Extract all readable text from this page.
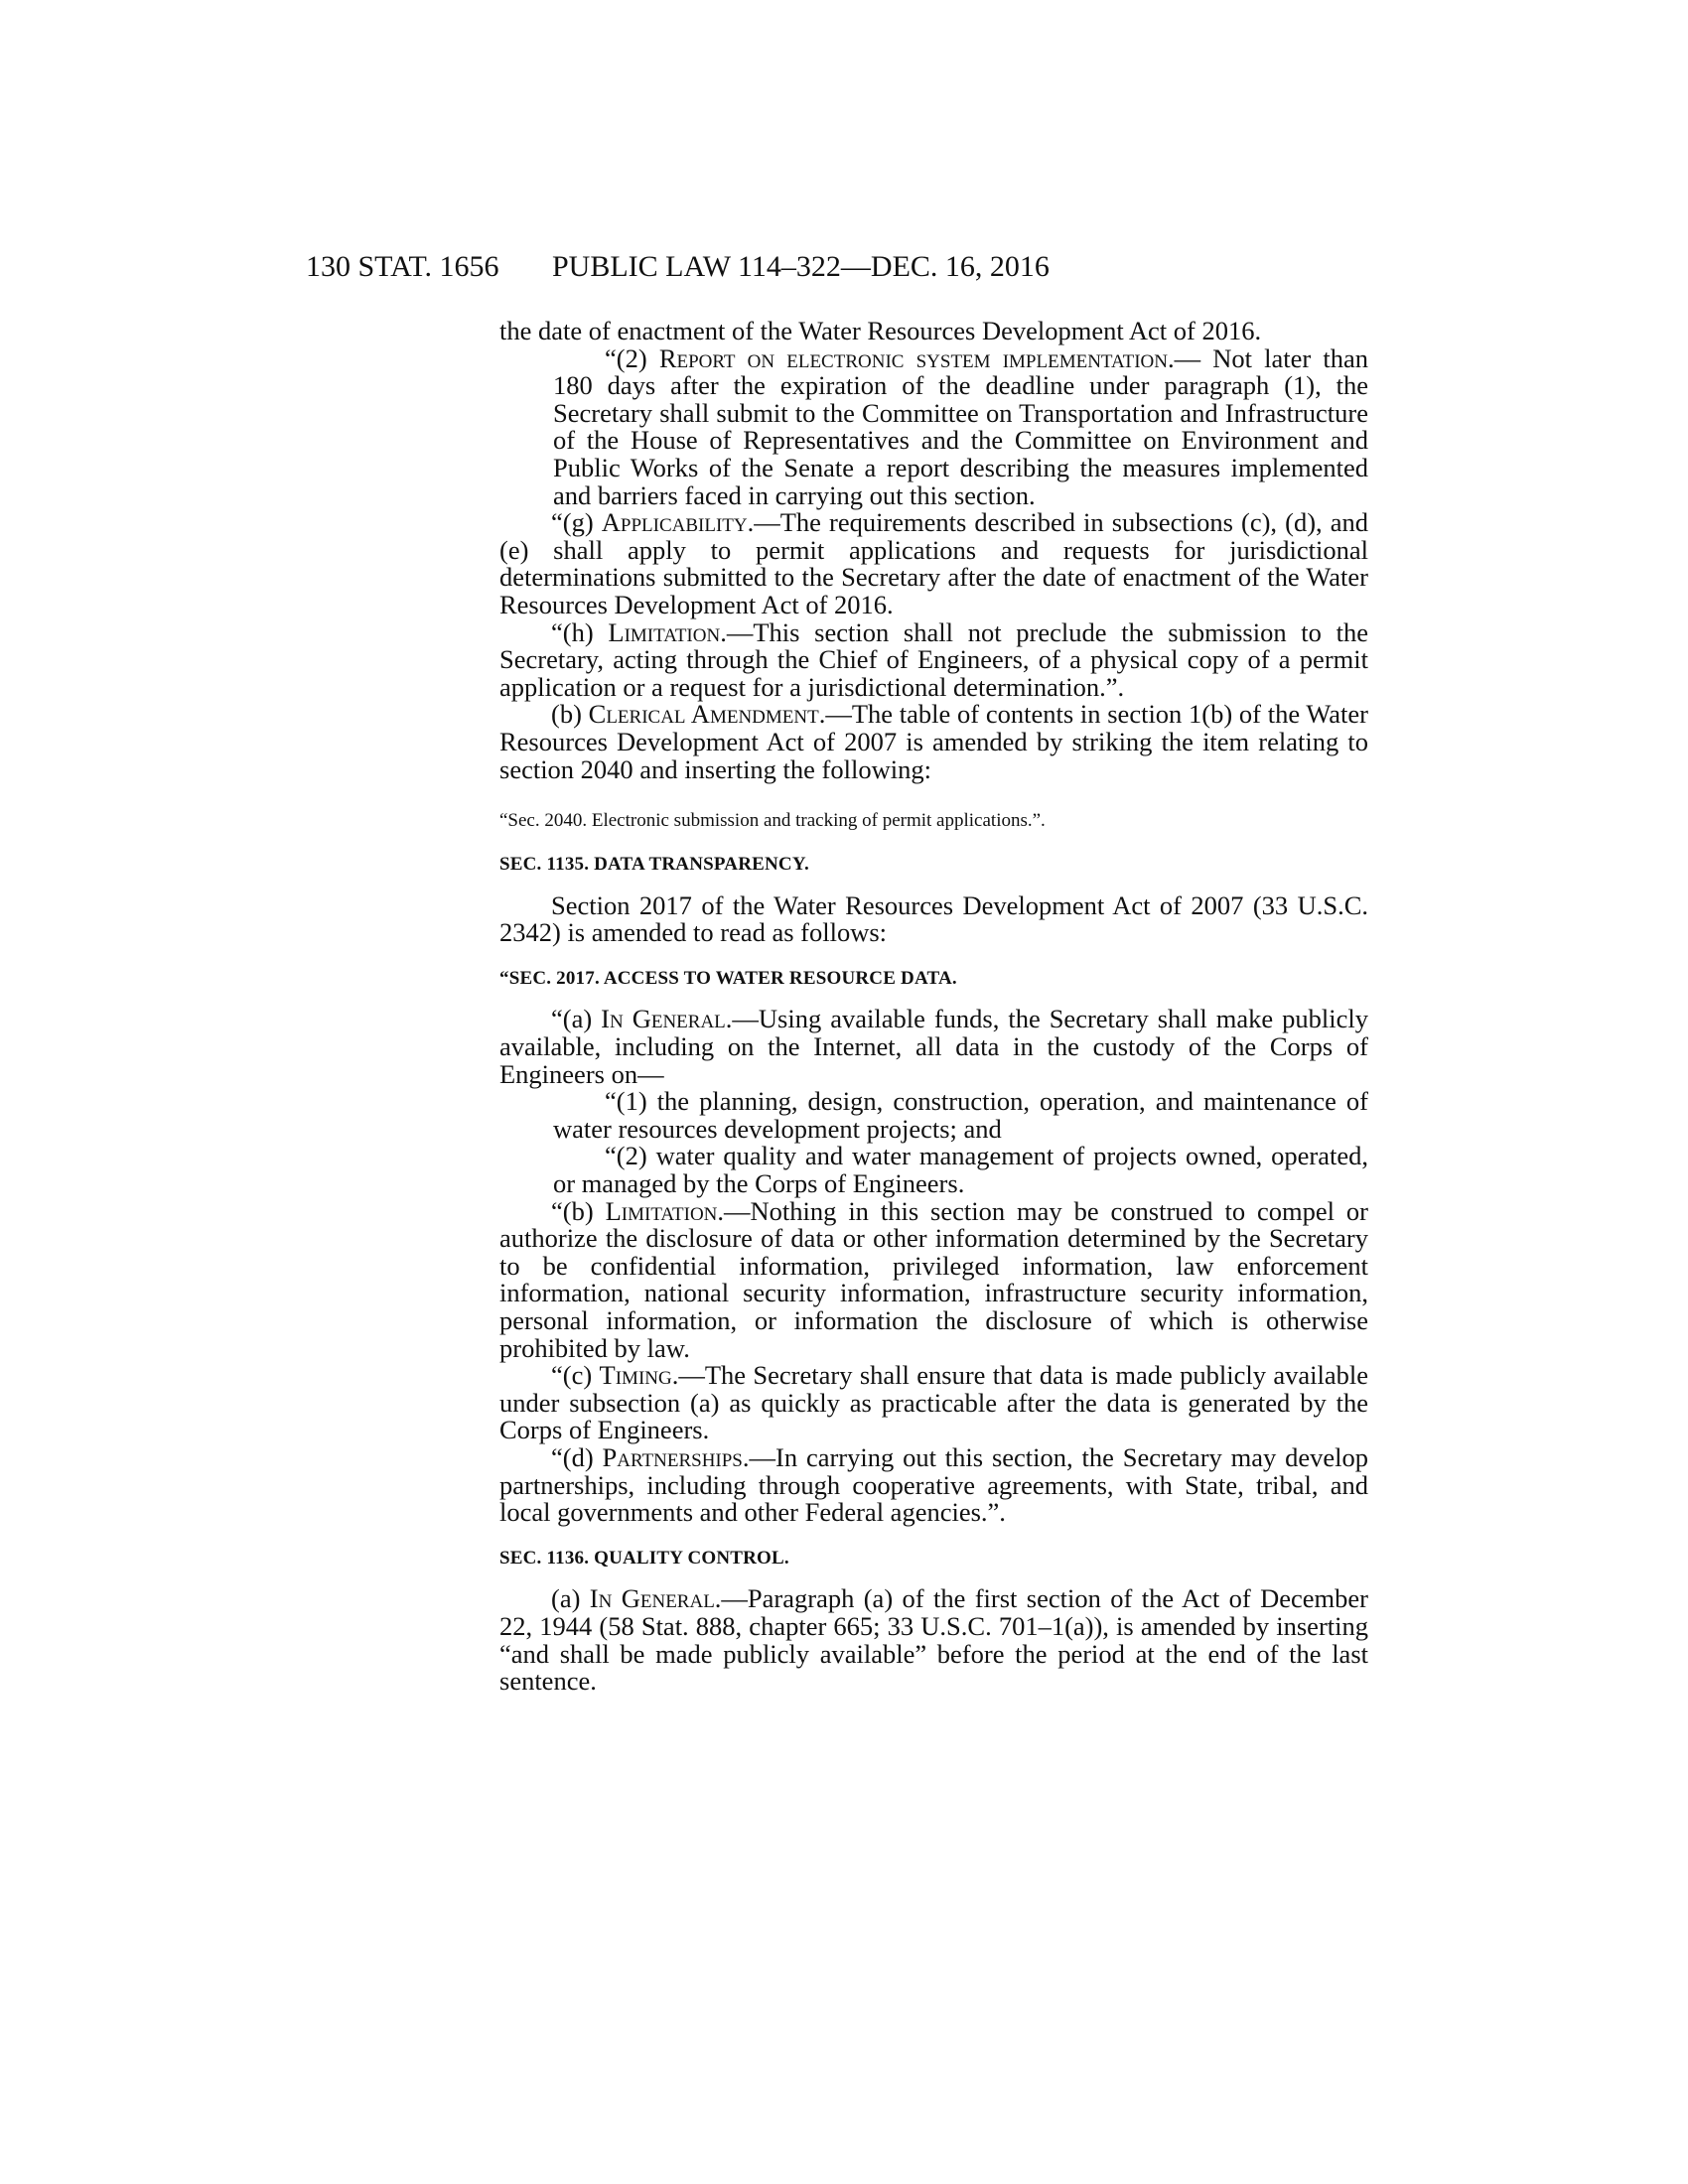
130 STAT. 1656 PUBLIC LAW 114–322—DEC. 16, 2016

the date of enactment of the Water Resources Development Act of 2016.

“(2) Report on electronic system implementation.— Not later than 180 days after the expiration of the deadline under paragraph (1), the Secretary shall submit to the Committee on Transportation and Infrastructure of the House of Representatives and the Committee on Environment and Public Works of the Senate a report describing the measures implemented and barriers faced in carrying out this section.

“(g) Applicability.—The requirements described in subsections (c), (d), and (e) shall apply to permit applications and requests for jurisdictional determinations submitted to the Secretary after the date of enactment of the Water Resources Development Act of 2016.

“(h) Limitation.—This section shall not preclude the submission to the Secretary, acting through the Chief of Engineers, of a physical copy of a permit application or a request for a jurisdictional determination.”.

(b) Clerical Amendment.—The table of contents in section 1(b) of the Water Resources Development Act of 2007 is amended by striking the item relating to section 2040 and inserting the following:

“Sec. 2040. Electronic submission and tracking of permit applications.”.

SEC. 1135. DATA TRANSPARENCY.

Section 2017 of the Water Resources Development Act of 2007 (33 U.S.C. 2342) is amended to read as follows:

“SEC. 2017. ACCESS TO WATER RESOURCE DATA.

“(a) In General.—Using available funds, the Secretary shall make publicly available, including on the Internet, all data in the custody of the Corps of Engineers on—

“(1) the planning, design, construction, operation, and maintenance of water resources development projects; and

“(2) water quality and water management of projects owned, operated, or managed by the Corps of Engineers.

“(b) Limitation.—Nothing in this section may be construed to compel or authorize the disclosure of data or other information determined by the Secretary to be confidential information, privileged information, law enforcement information, national security information, infrastructure security information, personal information, or information the disclosure of which is otherwise prohibited by law.

“(c) Timing.—The Secretary shall ensure that data is made publicly available under subsection (a) as quickly as practicable after the data is generated by the Corps of Engineers.

“(d) Partnerships.—In carrying out this section, the Secretary may develop partnerships, including through cooperative agreements, with State, tribal, and local governments and other Federal agencies.”.

SEC. 1136. QUALITY CONTROL.

(a) In General.—Paragraph (a) of the first section of the Act of December 22, 1944 (58 Stat. 888, chapter 665; 33 U.S.C. 701–1(a)), is amended by inserting “and shall be made publicly available” before the period at the end of the last sentence.
